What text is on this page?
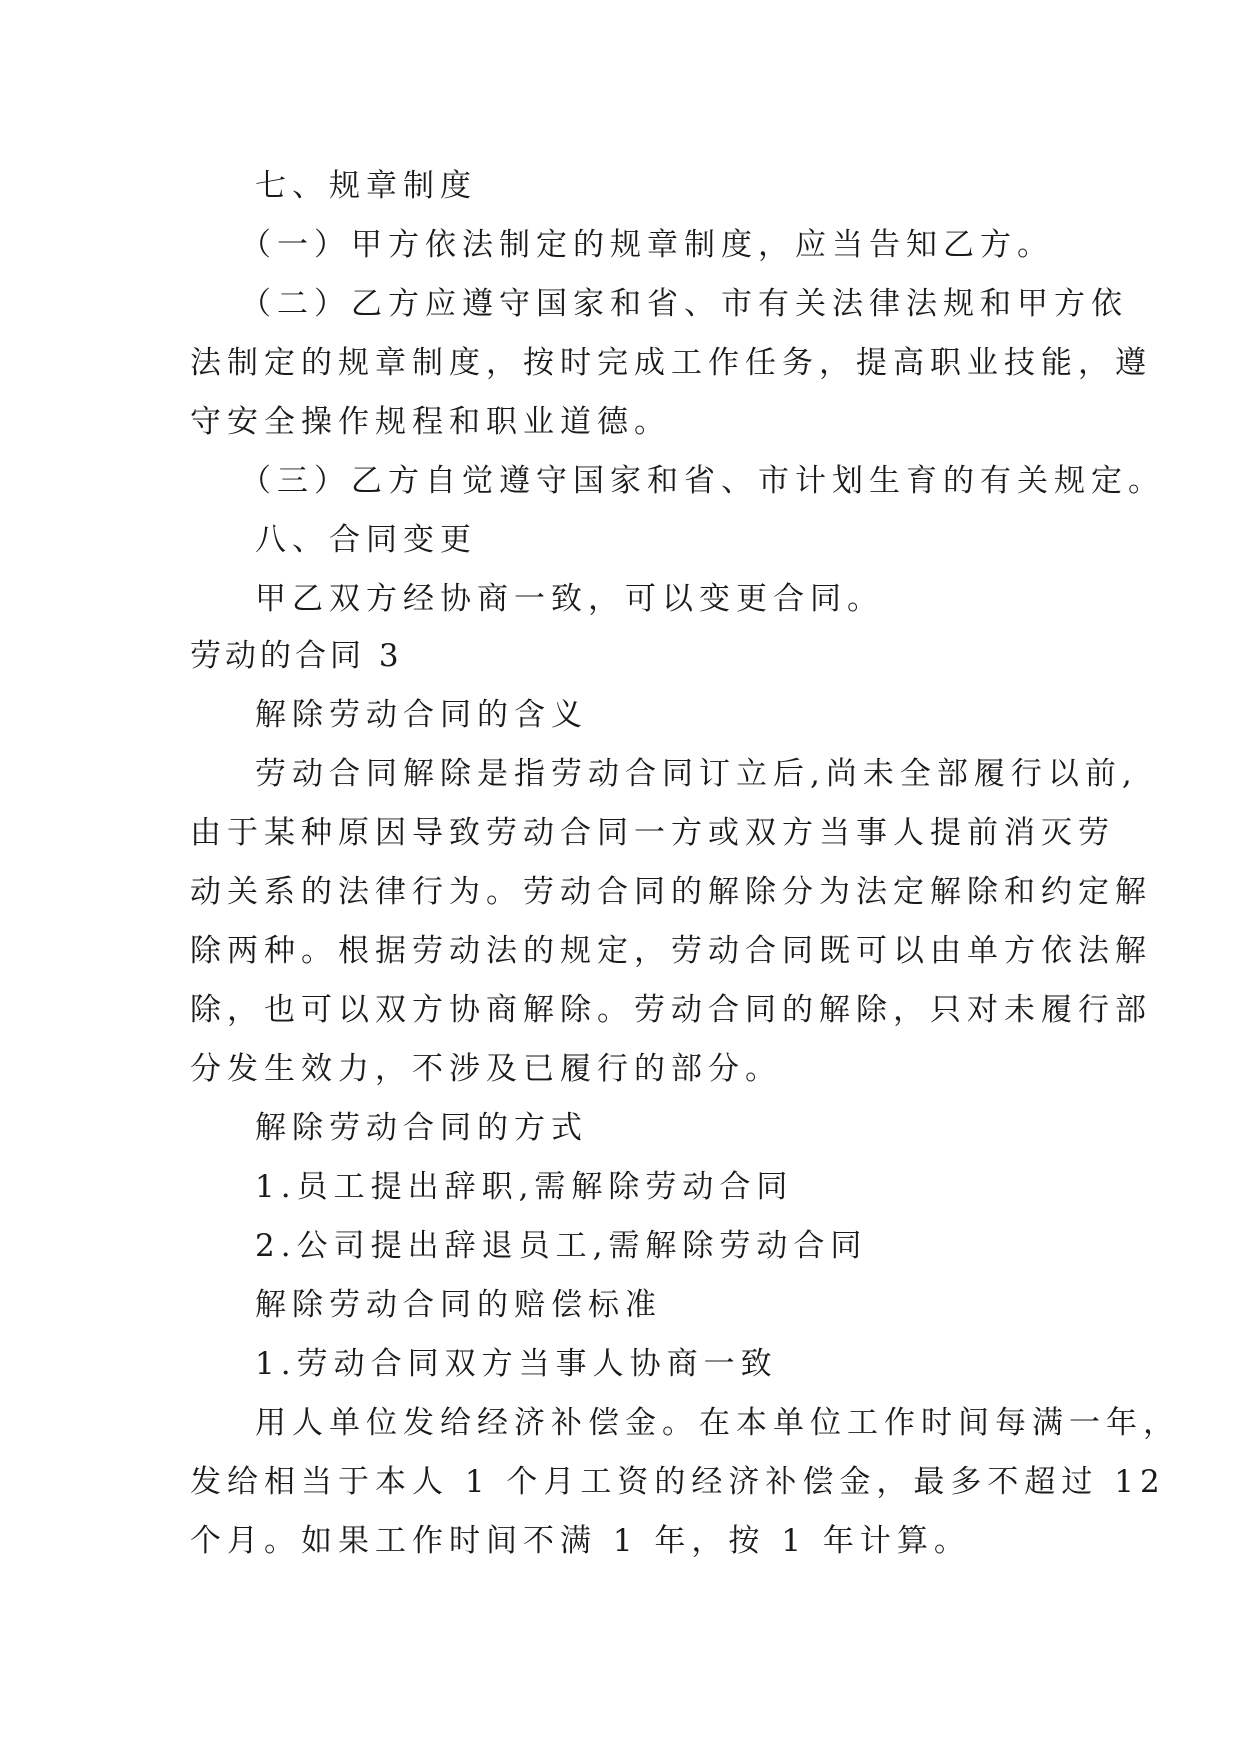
七、规章制度
（一）甲方依法制定的规章制度，应当告知乙方。
（二）乙方应遵守国家和省、市有关法律法规和甲方依
法制定的规章制度，按时完成工作任务，提高职业技能，遵
守安全操作规程和职业道德。
（三）乙方自觉遵守国家和省、市计划生育的有关规定。
八、合同变更
甲乙双方经协商一致，可以变更合同。
劳动的合同 3
解除劳动合同的含义
劳动合同解除是指劳动合同订立后,尚未全部履行以前,
由于某种原因导致劳动合同一方或双方当事人提前消灭劳
动关系的法律行为。劳动合同的解除分为法定解除和约定解
除两种。根据劳动法的规定，劳动合同既可以由单方依法解
除，也可以双方协商解除。劳动合同的解除，只对未履行部
分发生效力，不涉及已履行的部分。
解除劳动合同的方式
1.员工提出辞职,需解除劳动合同
2.公司提出辞退员工,需解除劳动合同
解除劳动合同的赔偿标准
1.劳动合同双方当事人协商一致
用人单位发给经济补偿金。在本单位工作时间每满一年，
发给相当于本人 1 个月工资的经济补偿金，最多不超过 12
个月。如果工作时间不满 1 年，按 1 年计算。
